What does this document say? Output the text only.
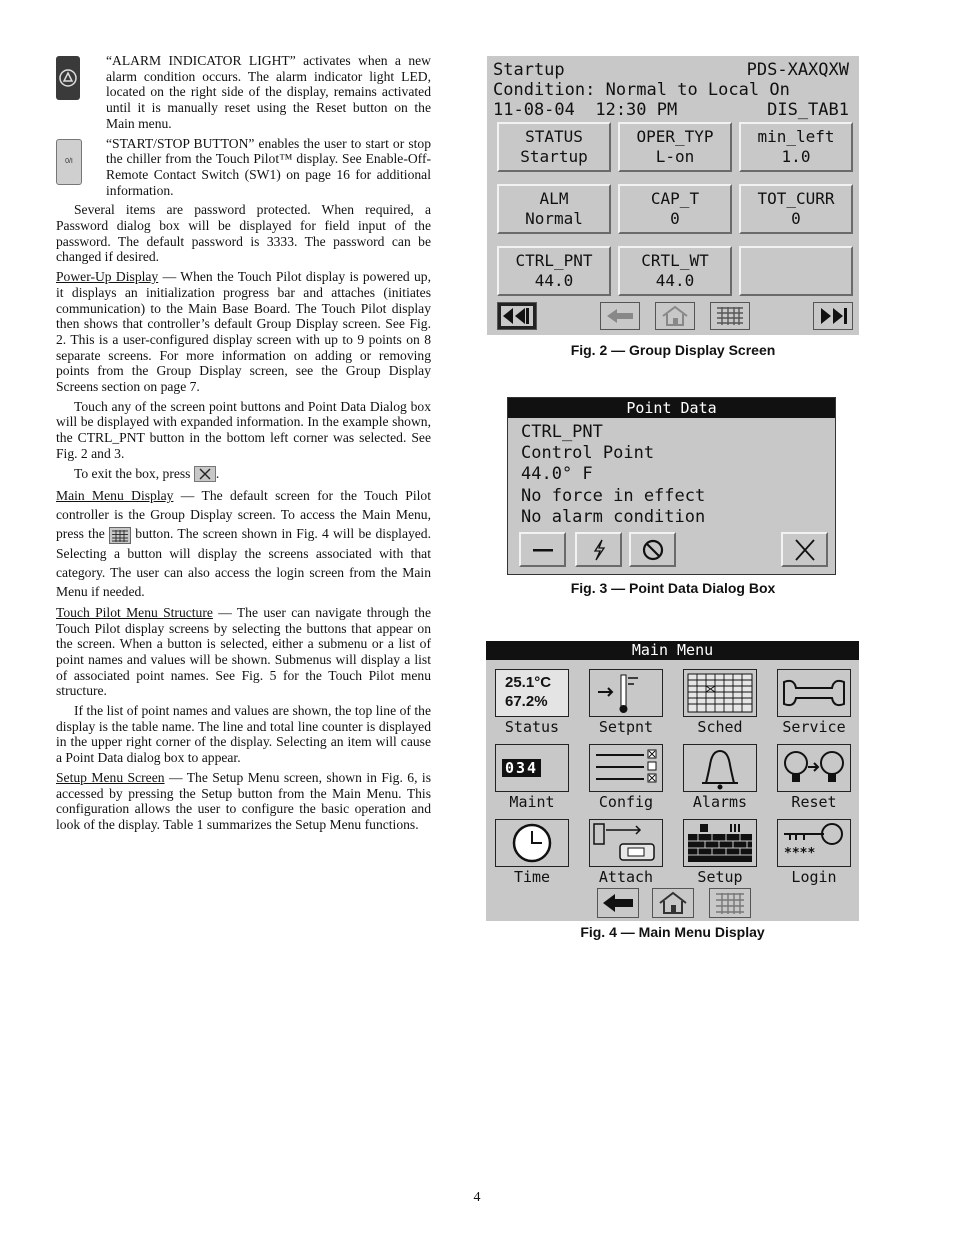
“ALARM INDICATOR LIGHT” activates when a new alarm condition occurs. The alarm indicator light LED, located on the right side of the display, remains activated until it is manually reset using the Reset button on the Main menu.

0/I
“START/STOP BUTTON” enables the user to start or stop the chiller from the Touch Pilot™ display. See Enable-Off-Remote Contact Switch (SW1) on page 16 for additional information.

Several items are password protected. When required, a Password dialog box will be displayed for field input of the password. The default password is 3333. The password can be changed if desired.

Power-Up Display — When the Touch Pilot display is powered up, it displays an initialization progress bar and attaches (initiates communication) to the Main Base Board. The Touch Pilot display then shows that controller’s default Group Display screen. See Fig. 2. This is a user-configured display screen with up to 9 points on 8 separate screens. For more information on adding or removing points from the Group Display screen, see the Group Display Screens section on page 7.

Touch any of the screen point buttons and Point Data Dialog box will be displayed with expanded information. In the example shown, the CTRL_PNT button in the bottom left corner was selected. See Fig. 2 and 3.

To exit the box, press
.

Main Menu Display — The default screen for the Touch Pilot controller is the Group Display screen. To access the Main Menu, press the
button. The screen shown in Fig. 4 will be displayed. Selecting a button will display the screens associated with that category. The user can also access the login screen from the Main Menu if needed.

Touch Pilot Menu Structure — The user can navigate through the Touch Pilot display screens by selecting the buttons that appear on the screen. When a button is selected, either a submenu or a list of point names and values will be shown. Submenus will display a list of associated point names. See Fig. 5 for the Touch Pilot menu structure.

If the list of point names and values are shown, the top line of the display is the table name. The line and total line counter is displayed in the upper right corner of the display. Selecting an item will cause a Point Data dialog box to appear.

Setup Menu Screen — The Setup Menu screen, shown in Fig. 6, is accessed by pressing the Setup button from the Main Menu. This configuration allows the user to configure the basic operation and look of the display. Table 1 summarizes the Setup Menu functions.

Startup	PDS-XAXQXW
Condition: Normal to Local On
11-08-04  12:30 PM	DIS_TAB1
STATUS
Startup
OPER_TYP
L-on
min_left
1.0
ALM
Normal
CAP_T
0
TOT_CURR
0
CTRL_PNT
44.0
CRTL_WT
44.0
Fig. 2 — Group Display Screen
Point Data
CTRL_PNT
Control Point
44.0° F
No force in effect
No alarm condition
Fig. 3 — Point Data Dialog Box
Main Menu
25.1°C
67.2%
Status	Setpnt	Sched	Service
034
Maint	Config	Alarms	Reset
Time	Attach	Setup
****
Login
Fig. 4 — Main Menu Display
4
